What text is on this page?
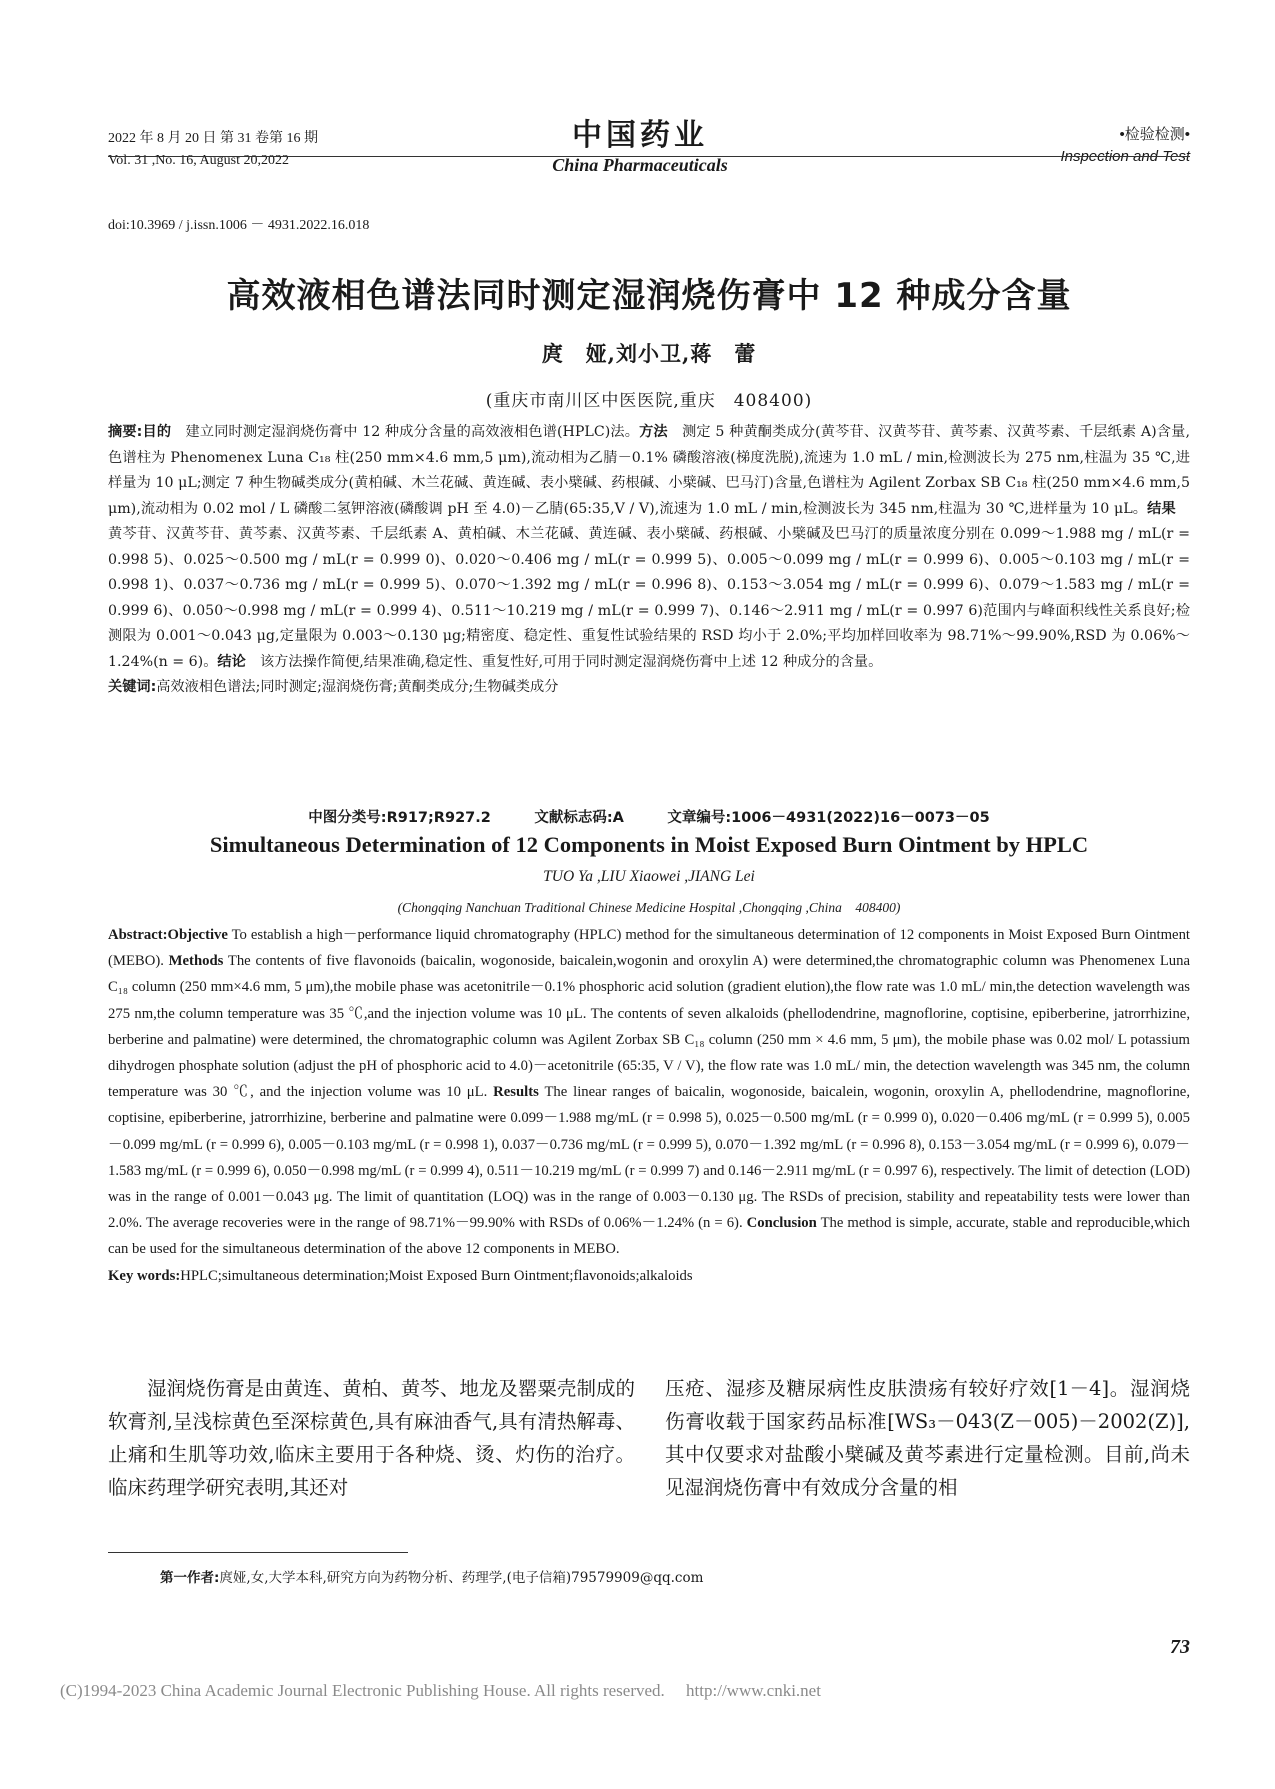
2022 年 8 月 20 日 第 31 卷第 16 期
Vol. 31 ,No. 16, August 20,2022
中国药业
China Pharmaceuticals
•检验检测•
Inspection and Test
doi:10.3969 / j.issn.1006 － 4931.2022.16.018
高效液相色谱法同时测定湿润烧伤膏中 12 种成分含量
庹　娅,刘小卫,蒋　蕾
(重庆市南川区中医医院,重庆　408400)
摘要:目的　建立同时测定湿润烧伤膏中 12 种成分含量的高效液相色谱(HPLC)法。方法　测定 5 种黄酮类成分(黄芩苷、汉黄芩苷、黄芩素、汉黄芩素、千层纸素 A)含量,色谱柱为 Phenomenex Luna C₁₈ 柱(250 mm×4.6 mm,5 μm),流动相为乙腈－0.1% 磷酸溶液(梯度洗脱),流速为 1.0 mL / min,检测波长为 275 nm,柱温为 35 ℃,进样量为 10 μL;测定 7 种生物碱类成分(黄柏碱、木兰花碱、黄连碱、表小檗碱、药根碱、小檗碱、巴马汀)含量,色谱柱为 Agilent Zorbax SB C₁₈ 柱(250 mm×4.6 mm,5 μm),流动相为 0.02 mol / L 磷酸二氢钾溶液(磷酸调 pH 至 4.0)－乙腈(65:35,V / V),流速为 1.0 mL / min,检测波长为 345 nm,柱温为 30 ℃,进样量为 10 μL。结果　黄芩苷、汉黄芩苷、黄芩素、汉黄芩素、千层纸素 A、黄柏碱、木兰花碱、黄连碱、表小檗碱、药根碱、小檗碱及巴马汀的质量浓度分别在 0.099～1.988 mg / mL(r = 0.998 5)、0.025～0.500 mg / mL(r = 0.999 0)、0.020～0.406 mg / mL(r = 0.999 5)、0.005～0.099 mg / mL(r = 0.999 6)、0.005～0.103 mg / mL(r = 0.998 1)、0.037～0.736 mg / mL(r = 0.999 5)、0.070～1.392 mg / mL(r = 0.996 8)、0.153～3.054 mg / mL(r = 0.999 6)、0.079～1.583 mg / mL(r = 0.999 6)、0.050～0.998 mg / mL(r = 0.999 4)、0.511～10.219 mg / mL(r = 0.999 7)、0.146～2.911 mg / mL(r = 0.997 6)范围内与峰面积线性关系良好;检测限为 0.001～0.043 μg,定量限为 0.003～0.130 μg;精密度、稳定性、重复性试验结果的 RSD 均小于 2.0%;平均加样回收率为 98.71%～99.90%,RSD 为 0.06%～1.24%(n = 6)。结论　该方法操作简便,结果准确,稳定性、重复性好,可用于同时测定湿润烧伤膏中上述 12 种成分的含量。
关键词:高效液相色谱法;同时测定;湿润烧伤膏;黄酮类成分;生物碱类成分
中图分类号:R917;R927.2　　　文献标志码:A　　　文章编号:1006－4931(2022)16－0073－05
Simultaneous Determination of 12 Components in Moist Exposed Burn Ointment by HPLC
TUO Ya ,LIU Xiaowei ,JIANG Lei
(Chongqing Nanchuan Traditional Chinese Medicine Hospital ,Chongqing ,China　408400)
Abstract:Objective To establish a high－performance liquid chromatography (HPLC) method for the simultaneous determination of 12 components in Moist Exposed Burn Ointment (MEBO). Methods The contents of five flavonoids (baicalin, wogonoside, baicalein,wogonin and oroxylin A) were determined,the chromatographic column was Phenomenex Luna C₁₈ column (250 mm×4.6 mm, 5 μm),the mobile phase was acetonitrile－0.1% phosphoric acid solution (gradient elution),the flow rate was 1.0 mL/ min,the detection wavelength was 275 nm,the column temperature was 35 ℃,and the injection volume was 10 μL. The contents of seven alkaloids (phellodendrine, magnoflorine, coptisine, epiberberine, jatrorrhizine, berberine and palmatine) were determined, the chromatographic column was Agilent Zorbax SB C₁₈ column (250 mm × 4.6 mm, 5 μm), the mobile phase was 0.02 mol/ L potassium dihydrogen phosphate solution (adjust the pH of phosphoric acid to 4.0)－acetonitrile (65:35, V / V), the flow rate was 1.0 mL/ min, the detection wavelength was 345 nm, the column temperature was 30 ℃, and the injection volume was 10 μL. Results The linear ranges of baicalin, wogonoside, baicalein, wogonin, oroxylin A, phellodendrine, magnoflorine, coptisine, epiberberine, jatrorrhizine, berberine and palmatine were 0.099－1.988 mg/mL (r = 0.998 5), 0.025－0.500 mg/mL (r = 0.999 0), 0.020－0.406 mg/mL (r = 0.999 5), 0.005－0.099 mg/mL (r = 0.999 6), 0.005－0.103 mg/mL (r = 0.998 1), 0.037－0.736 mg/mL (r = 0.999 5), 0.070－1.392 mg/mL (r = 0.996 8), 0.153－3.054 mg/mL (r = 0.999 6), 0.079－1.583 mg/mL (r = 0.999 6), 0.050－0.998 mg/mL (r = 0.999 4), 0.511－10.219 mg/mL (r = 0.999 7) and 0.146－2.911 mg/mL (r = 0.997 6), respectively. The limit of detection (LOD) was in the range of 0.001－0.043 μg. The limit of quantitation (LOQ) was in the range of 0.003－0.130 μg. The RSDs of precision, stability and repeatability tests were lower than 2.0%. The average recoveries were in the range of 98.71%－99.90% with RSDs of 0.06%－1.24% (n = 6). Conclusion The method is simple, accurate, stable and reproducible,which can be used for the simultaneous determination of the above 12 components in MEBO.
Key words:HPLC;simultaneous determination;Moist Exposed Burn Ointment;flavonoids;alkaloids
　　湿润烧伤膏是由黄连、黄柏、黄芩、地龙及罂粟壳制成的软膏剂,呈浅棕黄色至深棕黄色,具有麻油香气,具有清热解毒、止痛和生肌等功效,临床主要用于各种烧、烫、灼伤的治疗。临床药理学研究表明,其还对
压疮、湿疹及糖尿病性皮肤溃疡有较好疗效[1－4]。湿润烧伤膏收载于国家药品标准[WS₃－043(Z－005)－2002(Z)],其中仅要求对盐酸小檗碱及黄芩素进行定量检测。目前,尚未见湿润烧伤膏中有效成分含量的相
第一作者:庹娅,女,大学本科,研究方向为药物分析、药理学,(电子信箱)79579909@qq.com
73
(C)1994-2023 China Academic Journal Electronic Publishing House. All rights reserved.　 http://www.cnki.net
